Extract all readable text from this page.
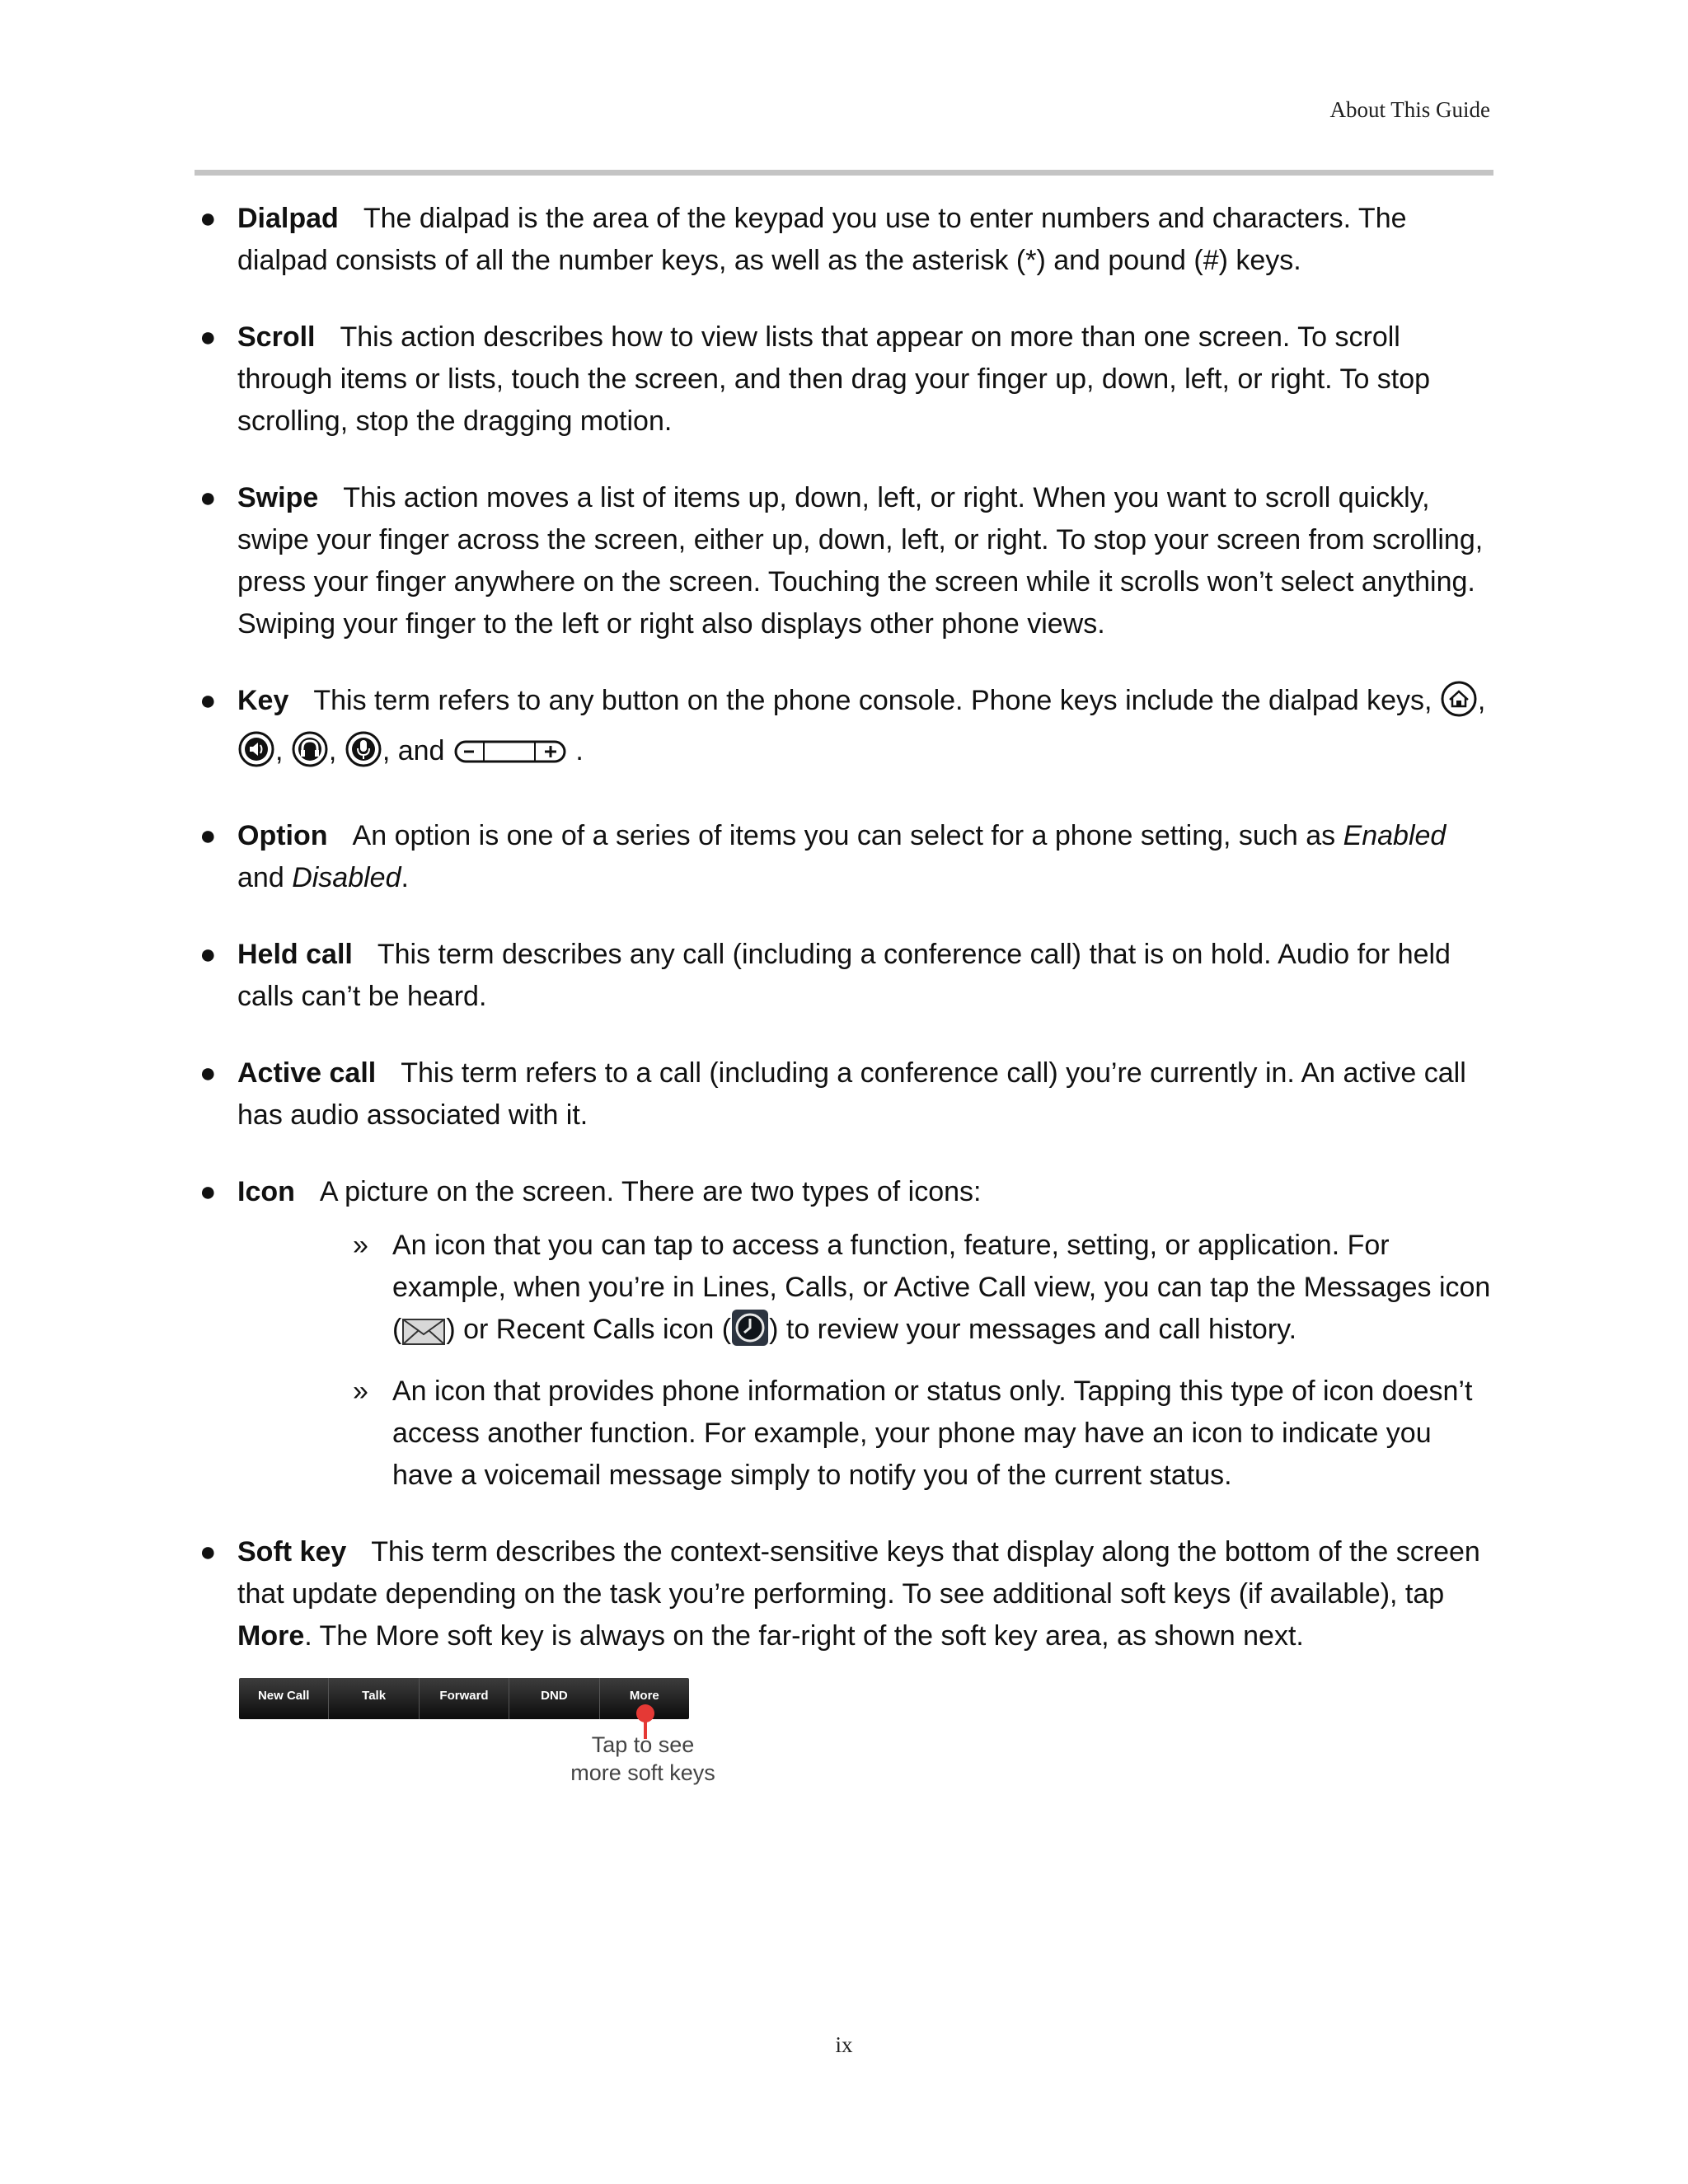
About This Guide
● Dialpad The dialpad is the area of the keypad you use to enter numbers and characters. The dialpad consists of all the number keys, as well as the asterisk (*) and pound (#) keys.
● Scroll This action describes how to view lists that appear on more than one screen. To scroll through items or lists, touch the screen, and then drag your finger up, down, left, or right. To stop scrolling, stop the dragging motion.
● Swipe This action moves a list of items up, down, left, or right. When you want to scroll quickly, swipe your finger across the screen, either up, down, left, or right. To stop your screen from scrolling, press your finger anywhere on the screen. Touching the screen while it scrolls won’t select anything. Swiping your finger to the left or right also displays other phone views.
● Key This term refers to any button on the phone console. Phone keys include the dialpad keys, ,
, , , and	.
● Option An option is one of a series of items you can select for a phone setting, such as Enabled and Disabled.
● Held call This term describes any call (including a conference call) that is on hold. Audio for held calls can’t be heard.
● Active call This term refers to a call (including a conference call) you’re currently in. An active call has audio associated with it.
● Icon A picture on the screen. There are two types of icons:
» An icon that you can tap to access a function, feature, setting, or application. For example, when you’re in Lines, Calls, or Active Call view, you can tap the Messages icon ( ) or Recent Calls icon ( ) to review your messages and call history.
» An icon that provides phone information or status only. Tapping this type of icon doesn’t access another function. For example, your phone may have an icon to indicate you have a voicemail message simply to notify you of the current status.
● Soft key This term describes the context-sensitive keys that display along the bottom of the screen that update depending on the task you’re performing. To see additional soft keys (if available), tap More. The More soft key is always on the far-right of the soft key area, as shown next.
New Call	Talk	Forward	DND	More
Tap to see
more soft keys
ix
